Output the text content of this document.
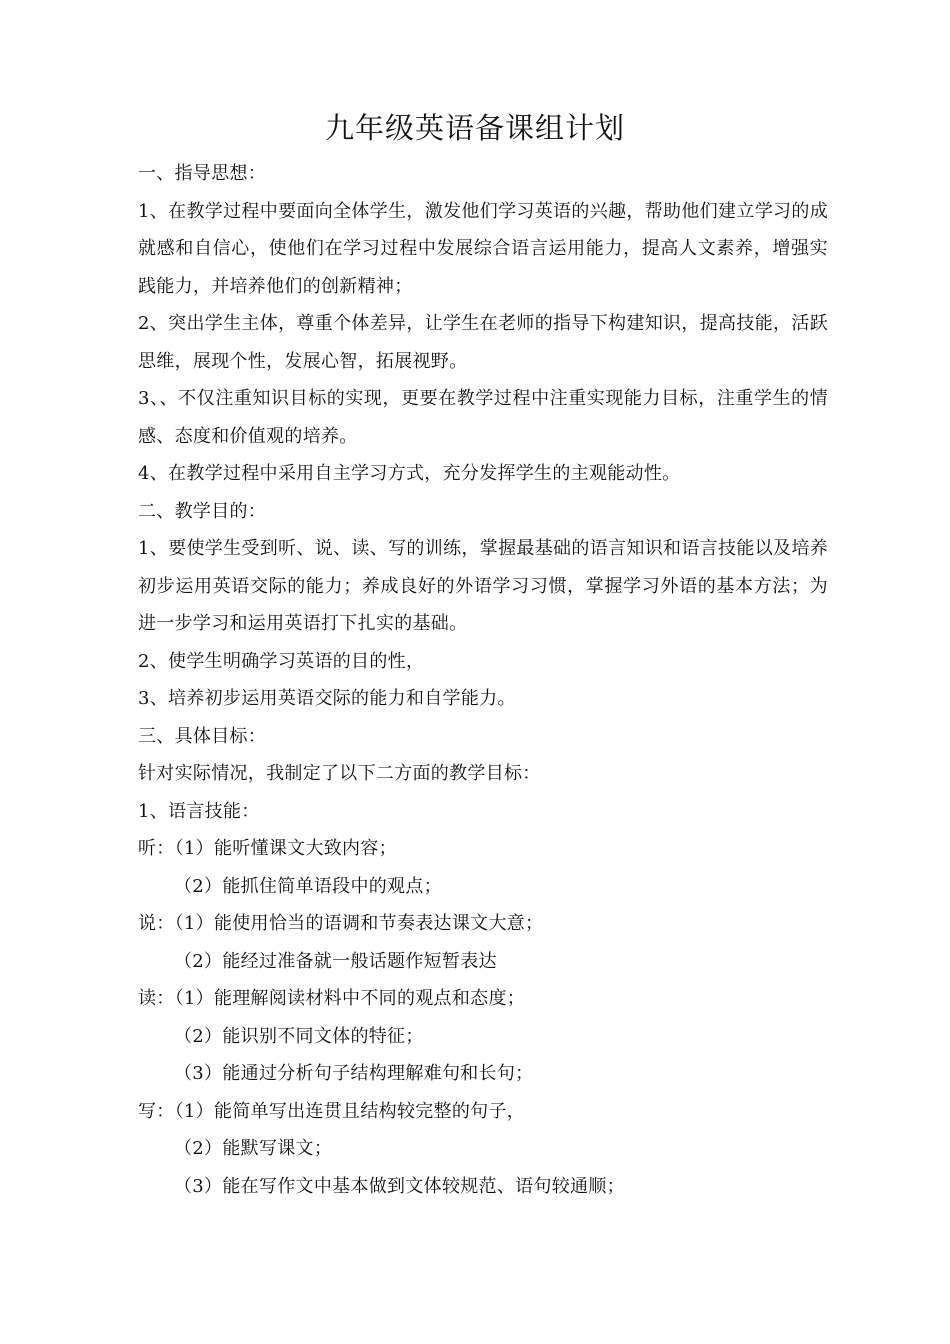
九年级英语备课组计划

一、指导思想：

1、在教学过程中要面向全体学生，激发他们学习英语的兴趣，帮助他们建立学习的成就感和自信心，使他们在学习过程中发展综合语言运用能力，提高人文素养，增强实践能力，并培养他们的创新精神；

2、突出学生主体，尊重个体差异，让学生在老师的指导下构建知识，提高技能，活跃思维，展现个性，发展心智，拓展视野。

3、、不仅注重知识目标的实现，更要在教学过程中注重实现能力目标，注重学生的情感、态度和价值观的培养。

4、在教学过程中采用自主学习方式，充分发挥学生的主观能动性。

二、教学目的：

1、要使学生受到听、说、读、写的训练，掌握最基础的语言知识和语言技能以及培养初步运用英语交际的能力；养成良好的外语学习习惯，掌握学习外语的基本方法；为进一步学习和运用英语打下扎实的基础。

2、使学生明确学习英语的目的性，

3、培养初步运用英语交际的能力和自学能力。

三、具体目标：

针对实际情况，我制定了以下二方面的教学目标：

1、语言技能：

听：（1）能听懂课文大致内容；

（2）能抓住简单语段中的观点；

说：（1）能使用恰当的语调和节奏表达课文大意；

（2）能经过准备就一般话题作短暂表达

读：（1）能理解阅读材料中不同的观点和态度；

（2）能识别不同文体的特征；

（3）能通过分析句子结构理解难句和长句；

写：（1）能简单写出连贯且结构较完整的句子，

（2）能默写课文；

（3）能在写作文中基本做到文体较规范、语句较通顺；
